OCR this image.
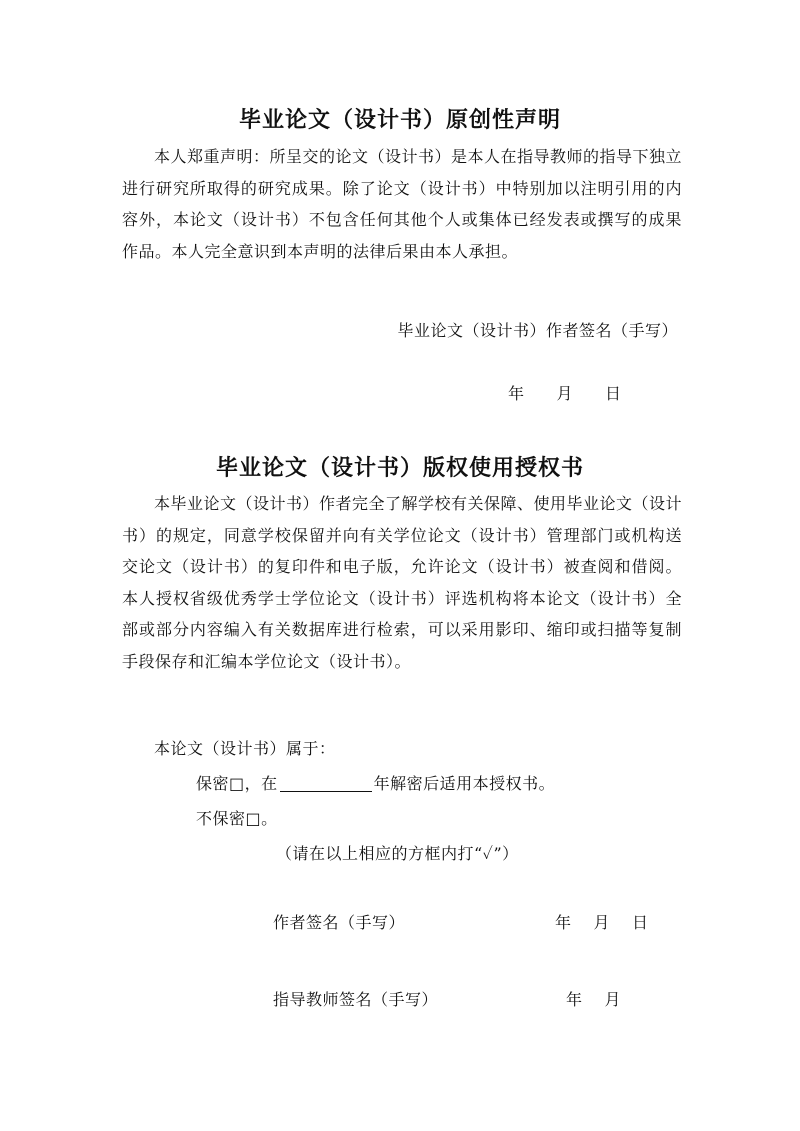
毕业论文（设计书）原创性声明
本人郑重声明：所呈交的论文（设计书）是本人在指导教师的指导下独立进行研究所取得的研究成果。除了论文（设计书）中特别加以注明引用的内容外，本论文（设计书）不包含任何其他个人或集体已经发表或撰写的成果作品。本人完全意识到本声明的法律后果由本人承担。
毕业论文（设计书）作者签名（手写）
年 月 日
毕业论文（设计书）版权使用授权书
本毕业论文（设计书）作者完全了解学校有关保障、使用毕业论文（设计书）的规定，同意学校保留并向有关学位论文（设计书）管理部门或机构送交论文（设计书）的复印件和电子版，允许论文（设计书）被查阅和借阅。本人授权省级优秀学士学位论文（设计书）评选机构将本论文（设计书）全部或部分内容编入有关数据库进行检索，可以采用影印、缩印或扫描等复制手段保存和汇编本学位论文（设计书）。
本论文（设计书）属于：
保密□，在	年解密后适用本授权书。
不保密□。
（请在以上相应的方框内打“✓”）
作者签名（手写）	年 月 日
指导教师签名（手写）	年 月
